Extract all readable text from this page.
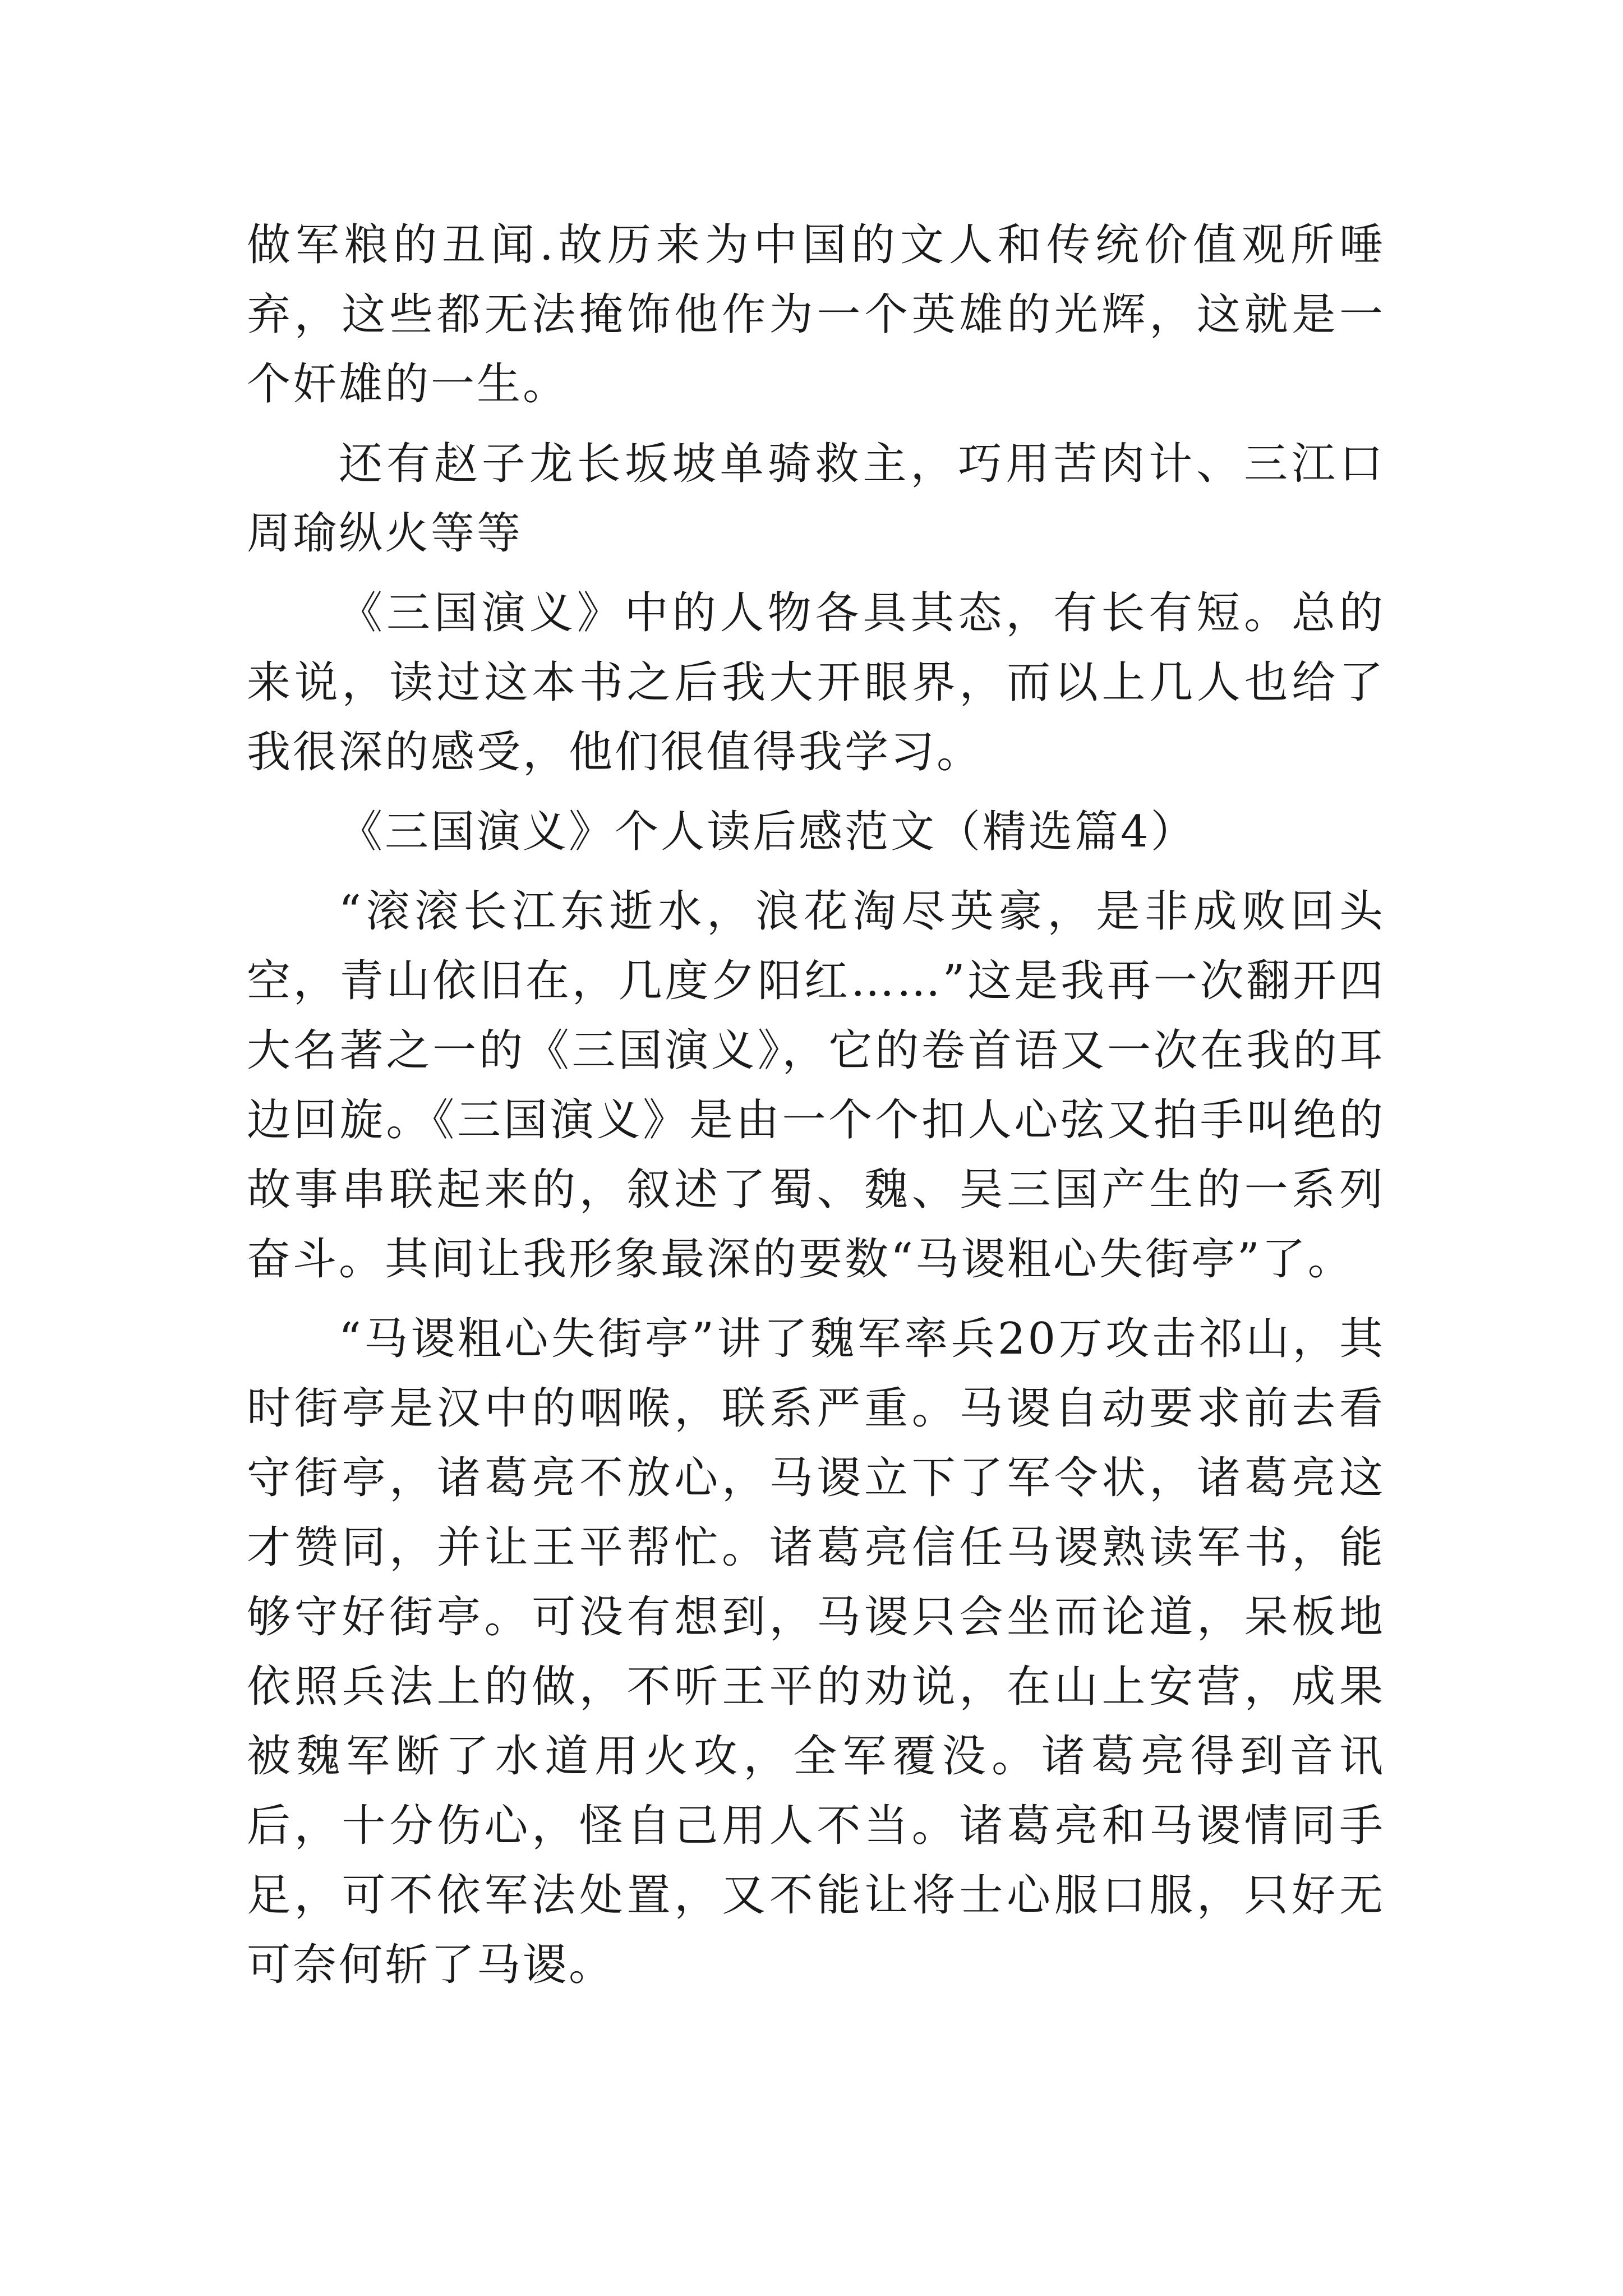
做军粮的丑闻.故历来为中国的文人和传统价值观所唾弃，这些都无法掩饰他作为一个英雄的光辉，这就是一个奸雄的一生。

还有赵子龙长坂坡单骑救主，巧用苦肉计、三江口周瑜纵火等等

《三国演义》中的人物各具其态，有长有短。总的来说，读过这本书之后我大开眼界，而以上几人也给了我很深的感受，他们很值得我学习。

《三国演义》个人读后感范文（精选篇4）

“滚滚长江东逝水，浪花淘尽英豪，是非成败回头空，青山依旧在，几度夕阳红……”这是我再一次翻开四大名著之一的《三国演义》，它的卷首语又一次在我的耳边回旋。《三国演义》是由一个个扣人心弦又拍手叫绝的故事串联起来的，叙述了蜀、魏、吴三国产生的一系列奋斗。其间让我形象最深的要数“马谡粗心失街亭”了。

“马谡粗心失街亭”讲了魏军率兵20万攻击祁山，其时街亭是汉中的咽喉，联系严重。马谡自动要求前去看守街亭，诸葛亮不放心，马谡立下了军令状，诸葛亮这才赞同，并让王平帮忙。诸葛亮信任马谡熟读军书，能够守好街亭。可没有想到，马谡只会坐而论道，呆板地依照兵法上的做，不听王平的劝说，在山上安营，成果被魏军断了水道用火攻，全军覆没。诸葛亮得到音讯后，十分伤心，怪自己用人不当。诸葛亮和马谡情同手足，可不依军法处置，又不能让将士心服口服，只好无可奈何斩了马谡。
